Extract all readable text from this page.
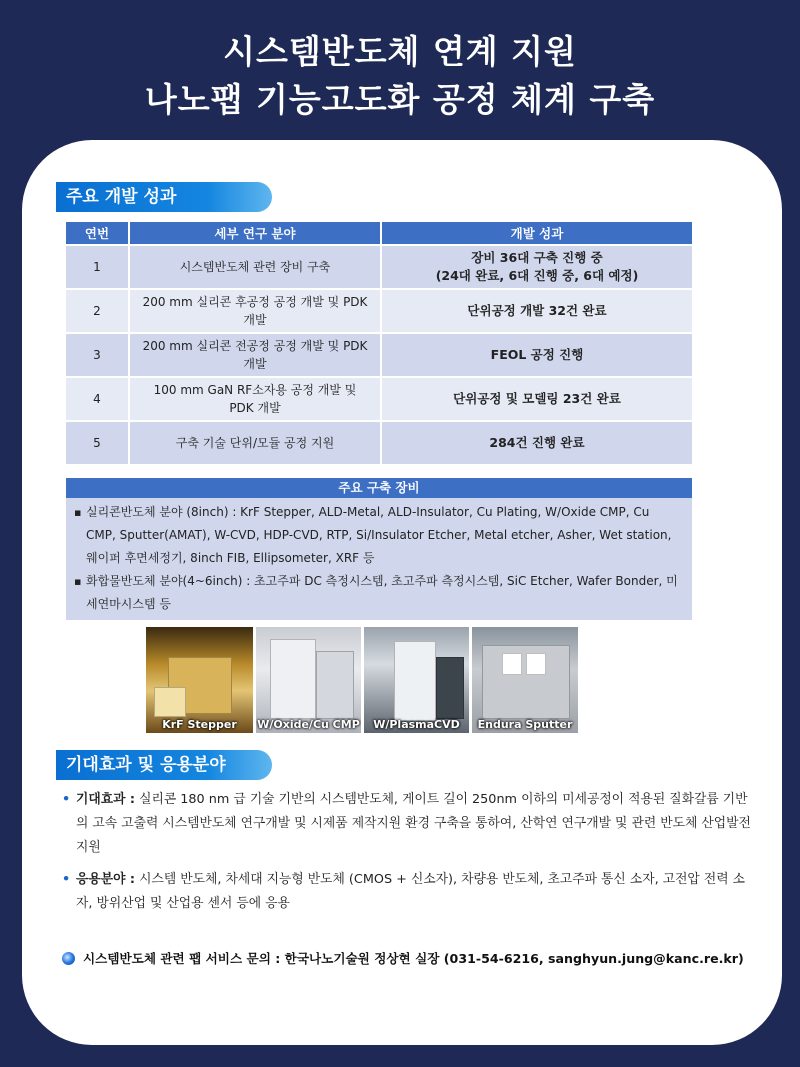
시스템반도체 연계 지원
나노팹 기능고도화 공정 체계 구축
주요 개발 성과
연번	세부 연구 분야	개발 성과
1	시스템반도체 관련 장비 구축	장비 36대 구축 진행 중
(24대 완료, 6대 진행 중, 6대 예정)

2	200 mm 실리콘 후공정 공정 개발 및 PDK
개발	단위공정 개발 32건 완료
3	200 mm 실리콘 전공정 공정 개발 및 PDK
개발	FEOL 공정 진행
4	100 mm GaN RF소자용 공정 개발 및
PDK 개발	단위공정 및 모델링 23건 완료
5	구축 기술 단위/모듈 공정 지원	284건 진행 완료
주요 구축 장비
▪ 실리콘반도체 분야 (8inch) : KrF Stepper, ALD-Metal, ALD-Insulator, Cu Plating, W/Oxide CMP, Cu CMP, Sputter(AMAT), W-CVD, HDP-CVD, RTP, Si/Insulator Etcher, Metal etcher, Asher, Wet station, 웨이퍼 후면세정기, 8inch FIB, Ellipsometer, XRF 등
▪ 화합물반도체 분야(4~6inch) : 초고주파 DC 측정시스템, 초고주파 측정시스템, SiC Etcher, Wafer Bonder, 미세연마시스템 등
KrF Stepper	W/Oxide/Cu CMP	W/PlasmaCVD	Endura Sputter
기대효과 및 응용분야
• 기대효과 : 실리콘 180 nm 급 기술 기반의 시스템반도체, 게이트 길이 250nm 이하의 미세공정이 적용된 질화갈륨 기반의 고속 고출력 시스템반도체 연구개발 및 시제품 제작지원 환경 구축을 통하여, 산학연 연구개발 및 관련 반도체 산업발전 지원
• 응용분야 : 시스템 반도체, 차세대 지능형 반도체 (CMOS + 신소자), 차량용 반도체, 초고주파 통신 소자, 고전압 전력 소자, 방위산업 및 산업용 센서 등에 응용
시스템반도체 관련 팹 서비스 문의 : 한국나노기술원 정상현 실장 (031-54-6216, sanghyun.jung@kanc.re.kr)
